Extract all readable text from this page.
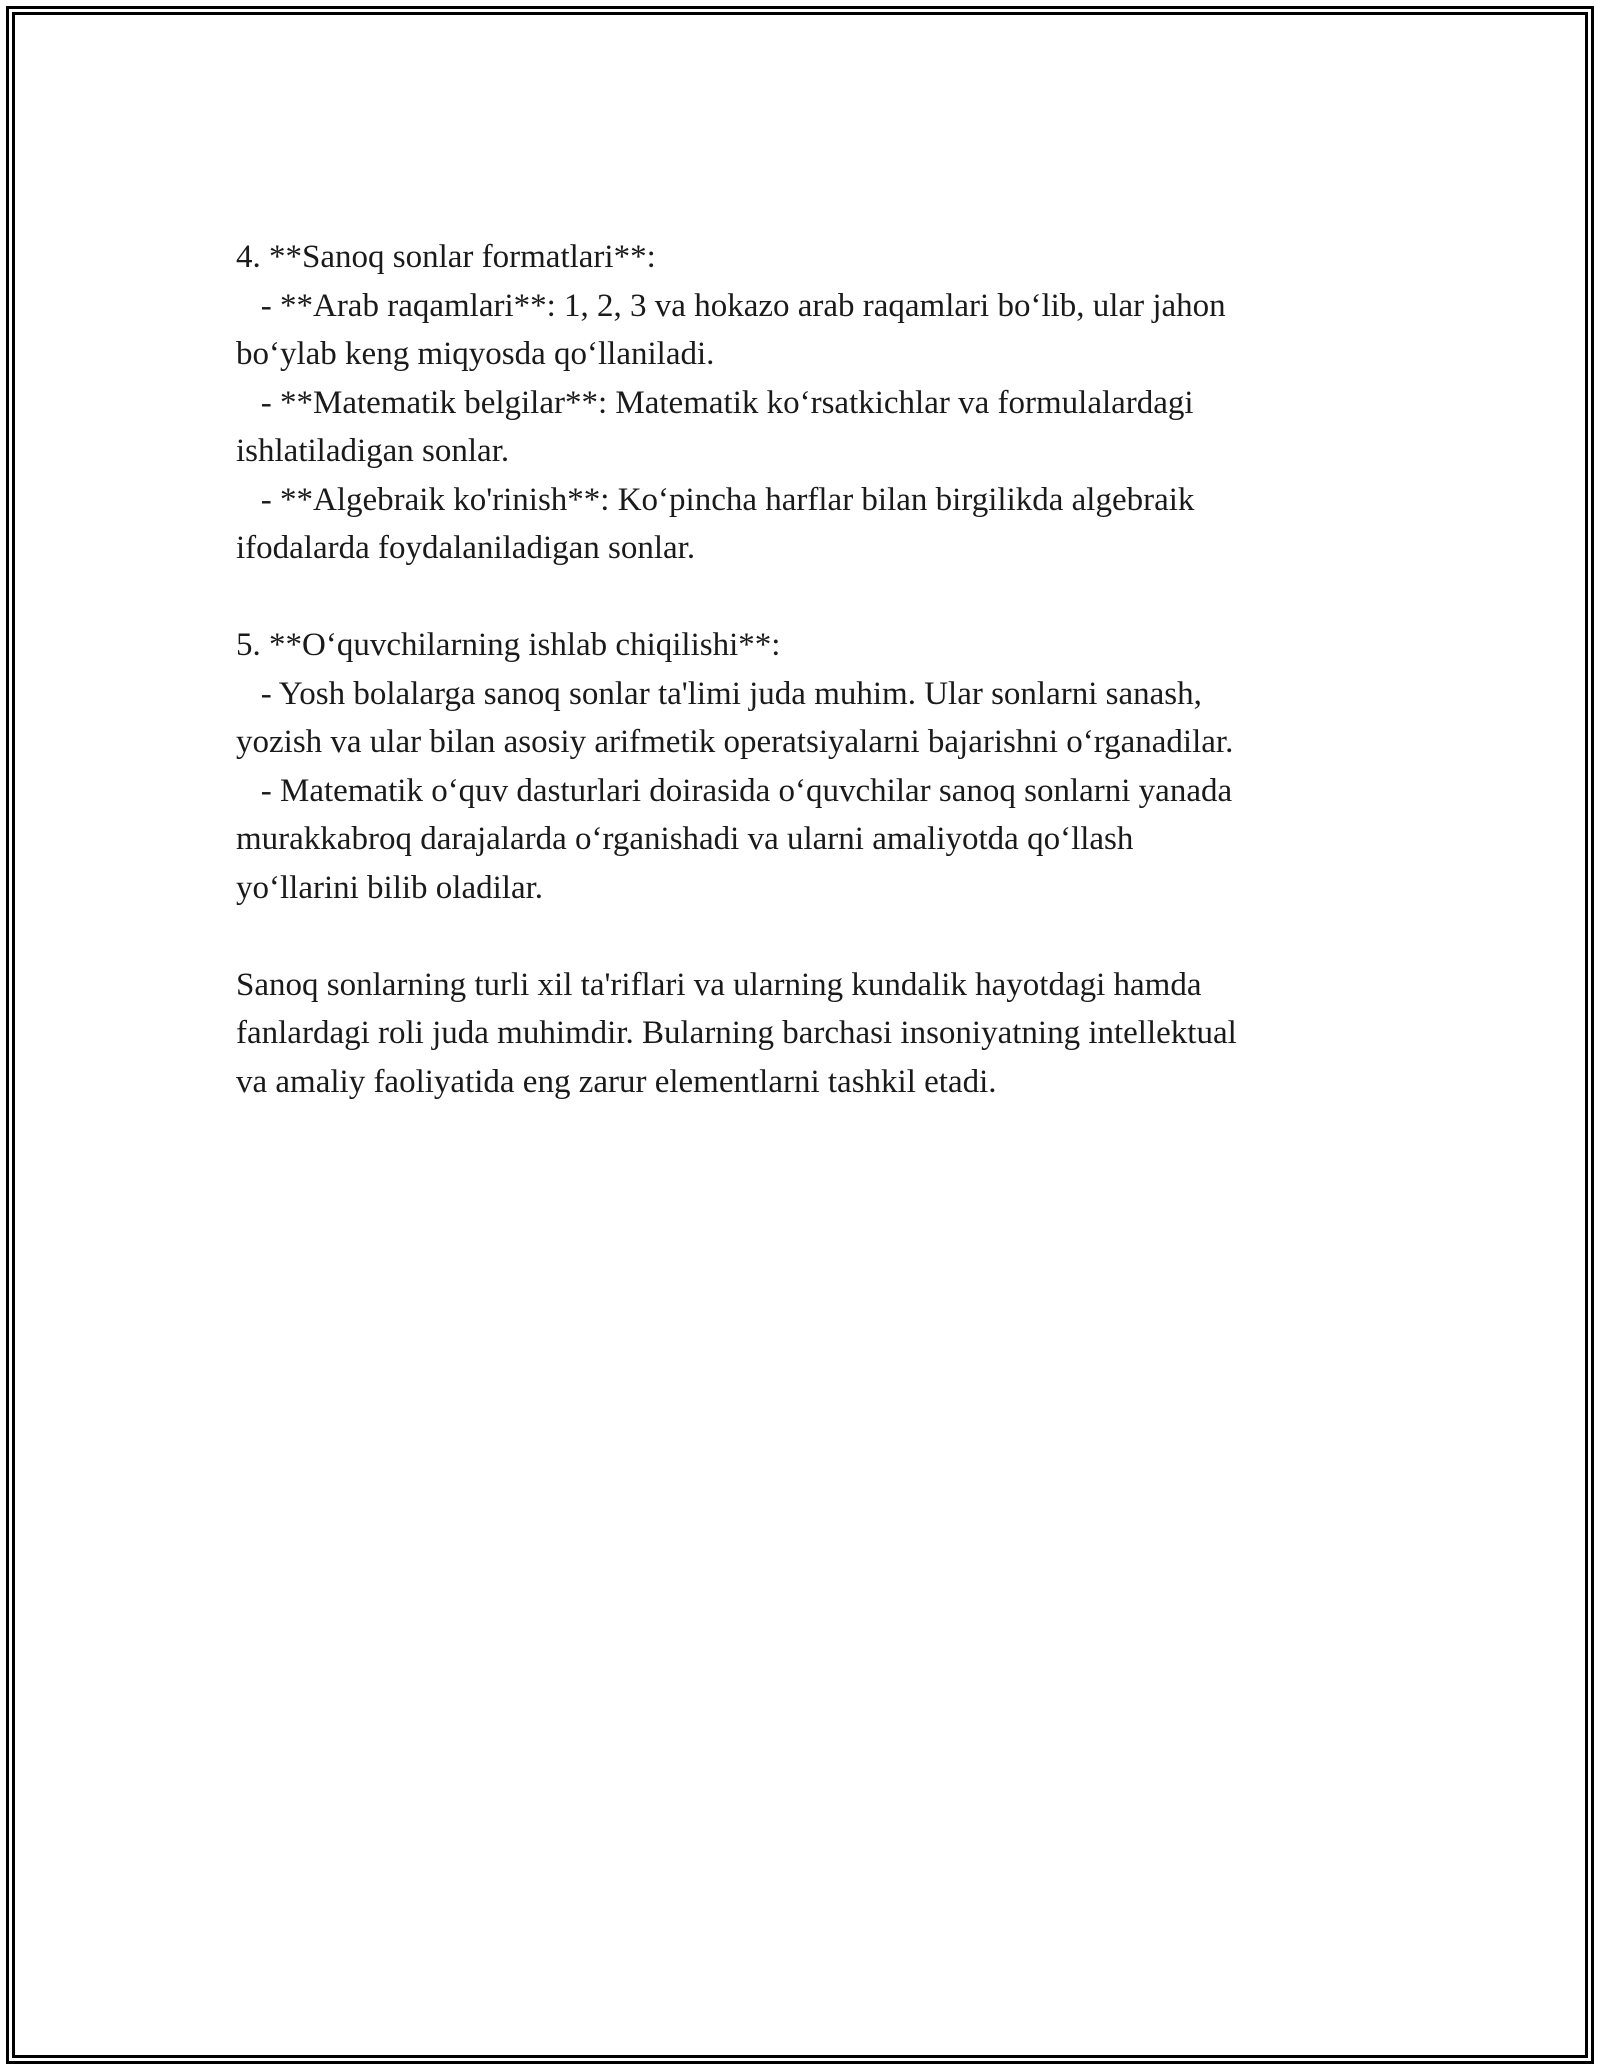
4. **Sanoq sonlar formatlari**:
- **Arab raqamlari**: 1, 2, 3 va hokazo arab raqamlari bo‘lib, ular jahon
bo‘ylab keng miqyosda qo‘llaniladi.
- **Matematik belgilar**: Matematik ko‘rsatkichlar va formulalardagi
ishlatiladigan sonlar.
- **Algebraik ko'rinish**: Ko‘pincha harflar bilan birgilikda algebraik
ifodalarda foydalaniladigan sonlar.
5. **O‘quvchilarning ishlab chiqilishi**:
- Yosh bolalarga sanoq sonlar ta'limi juda muhim. Ular sonlarni sanash,
yozish va ular bilan asosiy arifmetik operatsiyalarni bajarishni o‘rganadilar.
- Matematik o‘quv dasturlari doirasida o‘quvchilar sanoq sonlarni yanada
murakkabroq darajalarda o‘rganishadi va ularni amaliyotda qo‘llash
yo‘llarini bilib oladilar.
Sanoq sonlarning turli xil ta'riflari va ularning kundalik hayotdagi hamda
fanlardagi roli juda muhimdir. Bularning barchasi insoniyatning intellektual
va amaliy faoliyatida eng zarur elementlarni tashkil etadi.
